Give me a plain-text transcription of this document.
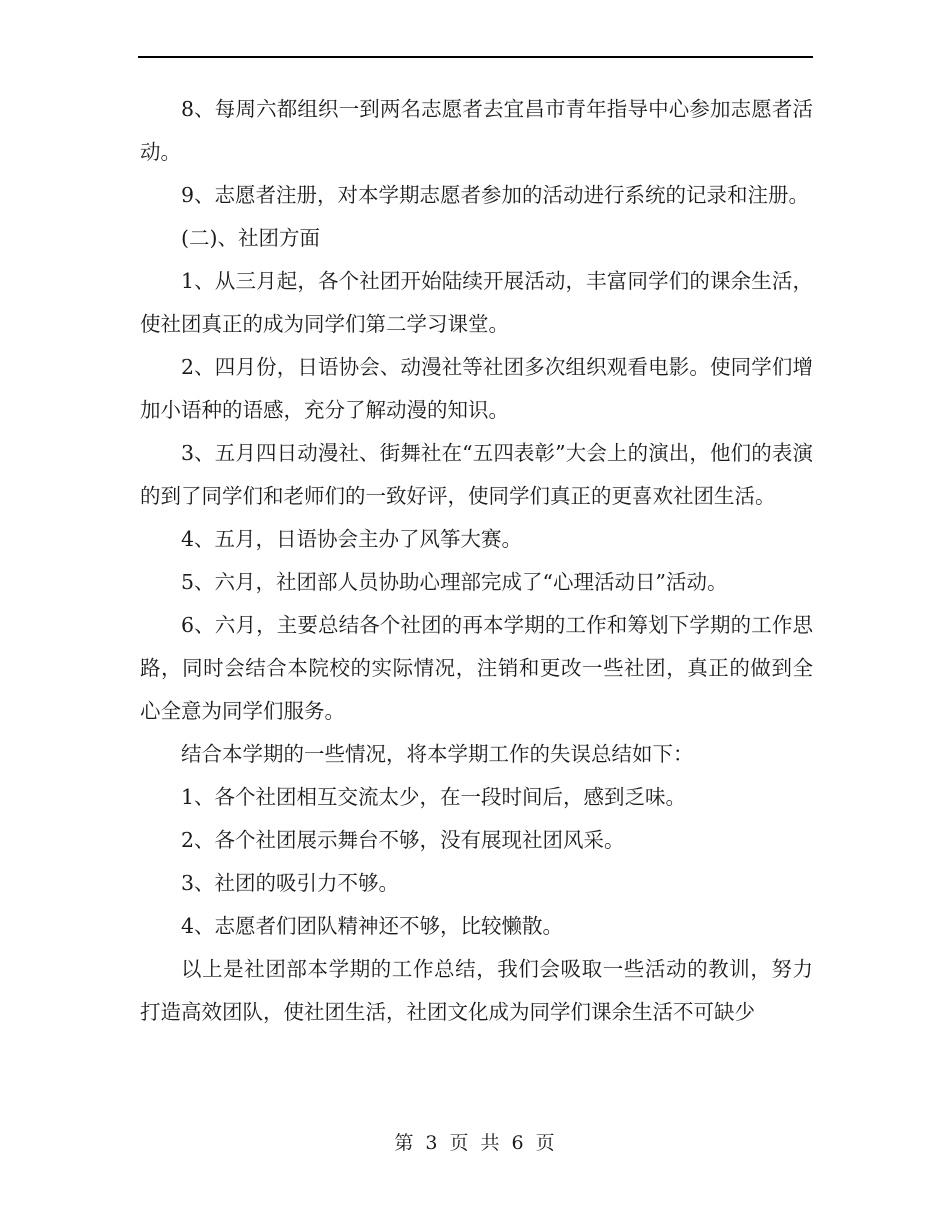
8、每周六都组织一到两名志愿者去宜昌市青年指导中心参加志愿者活动。

9、志愿者注册，对本学期志愿者参加的活动进行系统的记录和注册。

(二)、社团方面

1、从三月起，各个社团开始陆续开展活动，丰富同学们的课余生活，使社团真正的成为同学们第二学习课堂。

2、四月份，日语协会、动漫社等社团多次组织观看电影。使同学们增加小语种的语感，充分了解动漫的知识。

3、五月四日动漫社、街舞社在“五四表彰”大会上的演出，他们的表演的到了同学们和老师们的一致好评，使同学们真正的更喜欢社团生活。

4、五月，日语协会主办了风筝大赛。

5、六月，社团部人员协助心理部完成了“心理活动日”活动。

6、六月，主要总结各个社团的再本学期的工作和筹划下学期的工作思路，同时会结合本院校的实际情况，注销和更改一些社团，真正的做到全心全意为同学们服务。

结合本学期的一些情况，将本学期工作的失误总结如下：

1、各个社团相互交流太少，在一段时间后，感到乏味。

2、各个社团展示舞台不够，没有展现社团风采。

3、社团的吸引力不够。

4、志愿者们团队精神还不够，比较懒散。

以上是社团部本学期的工作总结，我们会吸取一些活动的教训，努力打造高效团队，使社团生活，社团文化成为同学们课余生活不可缺少

第 3 页 共 6 页
